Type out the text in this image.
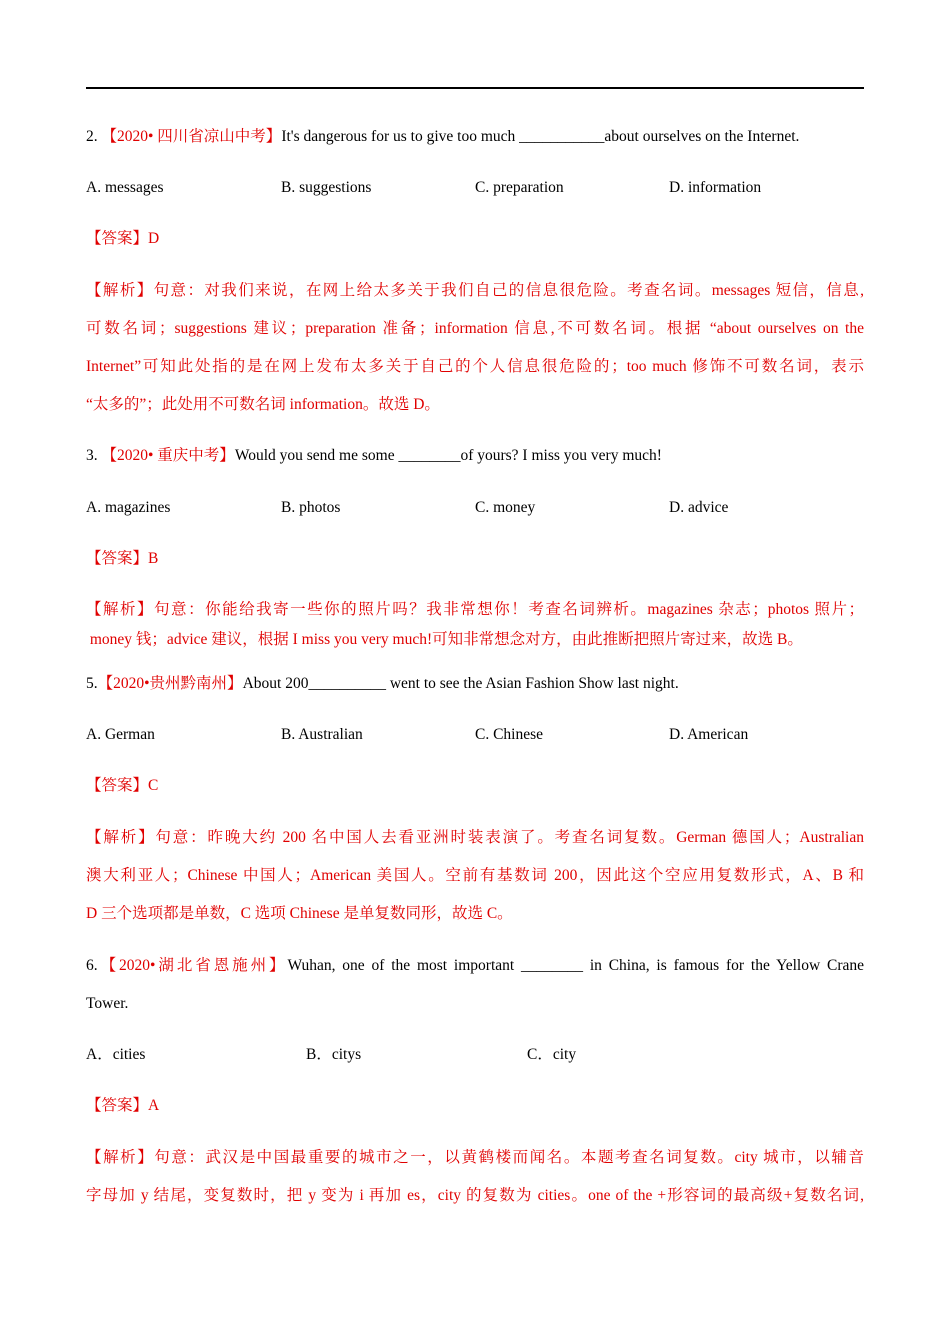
2. 【2020• 四川省凉山中考】It's dangerous for us to give too much ___________about ourselves on the Internet.
A. messages	B. suggestions	C. preparation	D. information
【答案】D
【解析】句意：对我们来说，在网上给太多关于我们自己的信息很危险。考查名词。messages 短信，信息,
可数名词；suggestions 建议；preparation 准备；information 信息,不可数名词。根据 “about ourselves on the
Internet”可知此处指的是在网上发布太多关于自己的个人信息很危险的；too much 修饰不可数名词，表示
“太多的”；此处用不可数名词 information。故选 D。
3. 【2020• 重庆中考】Would you send me some ________of yours? I miss you very much!
A. magazines	B. photos	C. money	D. advice
【答案】B
【解析】句意：你能给我寄一些你的照片吗？我非常想你！考查名词辨析。magazines 杂志；photos 照片；
money 钱；advice 建议，根据 I miss you very much!可知非常想念对方，由此推断把照片寄过来，故选 B。
5.【2020•贵州黔南州】About 200__________ went to see the Asian Fashion Show last night.
A. German	B. Australian	C. Chinese	D. American
【答案】C
【解析】句意：昨晚大约 200 名中国人去看亚洲时装表演了。考查名词复数。German 德国人；Australian
澳大利亚人；Chinese 中国人；American 美国人。空前有基数词 200，因此这个空应用复数形式，A、B 和
D 三个选项都是单数，C 选项 Chinese 是单复数同形，故选 C。
6.【2020•湖北省恩施州】Wuhan, one of the most important ________ in China, is famous for the Yellow Crane
Tower.
A．cities	B．citys	C．city
【答案】A
【解析】句意：武汉是中国最重要的城市之一，以黄鹤楼而闻名。本题考查名词复数。city 城市，以辅音
字母加 y 结尾，变复数时，把 y 变为 i 再加 es，city 的复数为 cities。one of the +形容词的最高级+复数名词,
